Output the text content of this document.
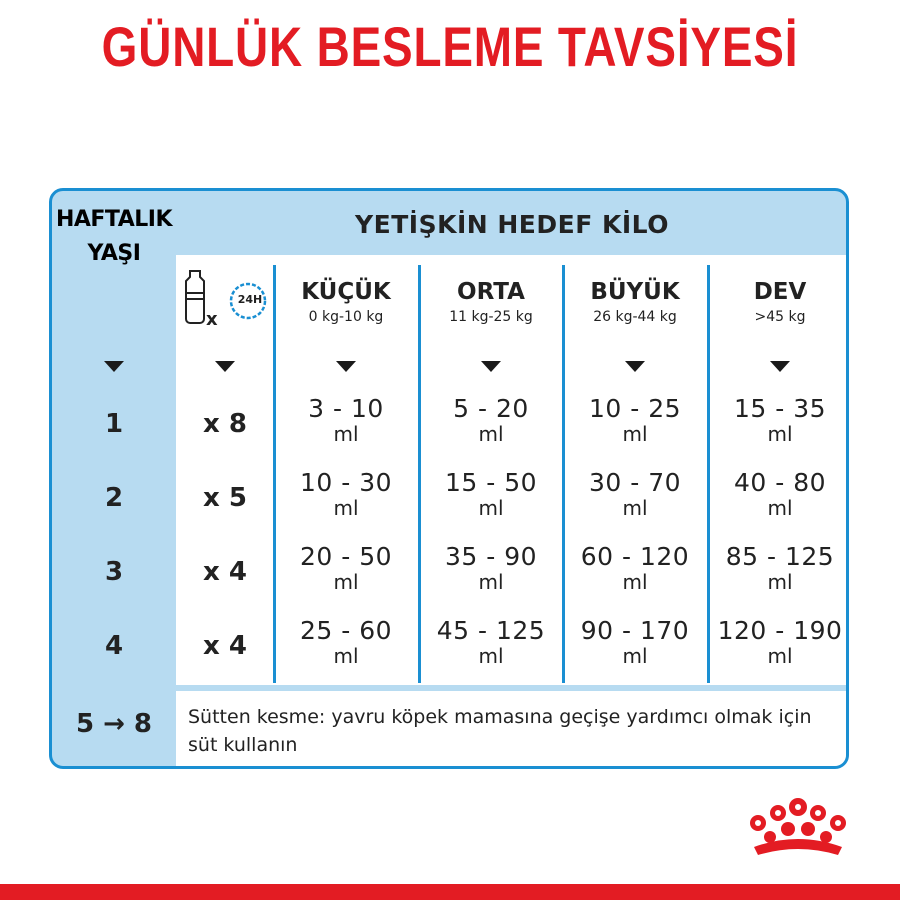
GÜNLÜK BESLEME TAVSİYESİ
YETİŞKİN HEDEF KİLO
HAFTALIK
YAŞI
1
2
3
4
5 → 8
24H
x
x 8
x 5
x 4
x 4
KÜÇÜK
0 kg-10 kg
ORTA
11 kg-25 kg
BÜYÜK
26 kg-44 kg
DEV
>45 kg
3 - 10
ml
5 - 20
ml
10 - 25
ml
15 - 35
ml
10 - 30
ml
15 - 50
ml
30 - 70
ml
40 - 80
ml
20 - 50
ml
35 - 90
ml
60 - 120
ml
85 - 125
ml
25 - 60
ml
45 - 125
ml
90 - 170
ml
120 - 190
ml
Sütten kesme: yavru köpek mamasına geçişe yardımcı olmak için süt kullanın
